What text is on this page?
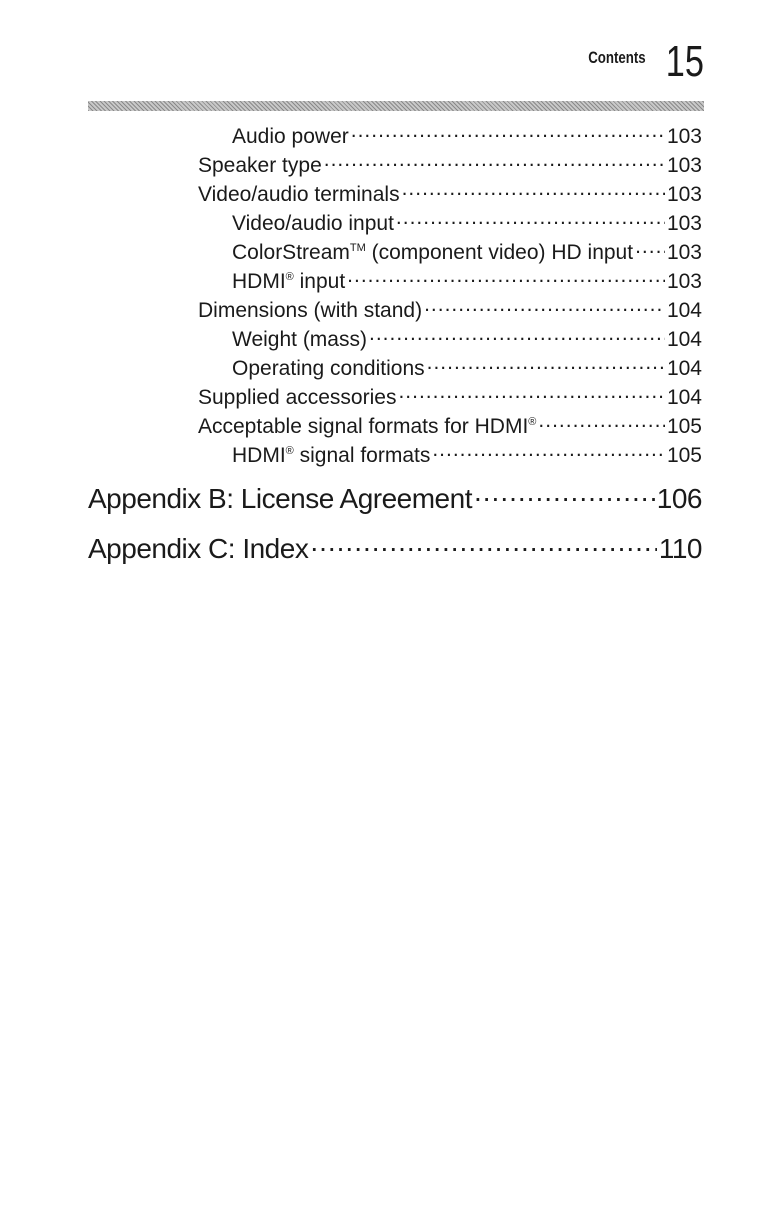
Contents 15
Audio power .....	103
Speaker type .....	103
Video/audio terminals .....	103
Video/audio input .....	103
ColorStream™ (component video) HD input ..... 103
HDMI® input .....	103
Dimensions (with stand) .....	104
Weight (mass) .....	104
Operating conditions .....	104
Supplied accessories .....	104
Acceptable signal formats for HDMI® .....	105
HDMI® signal formats .....	105
Appendix B: License Agreement .....	106
Appendix C: Index .....	110
